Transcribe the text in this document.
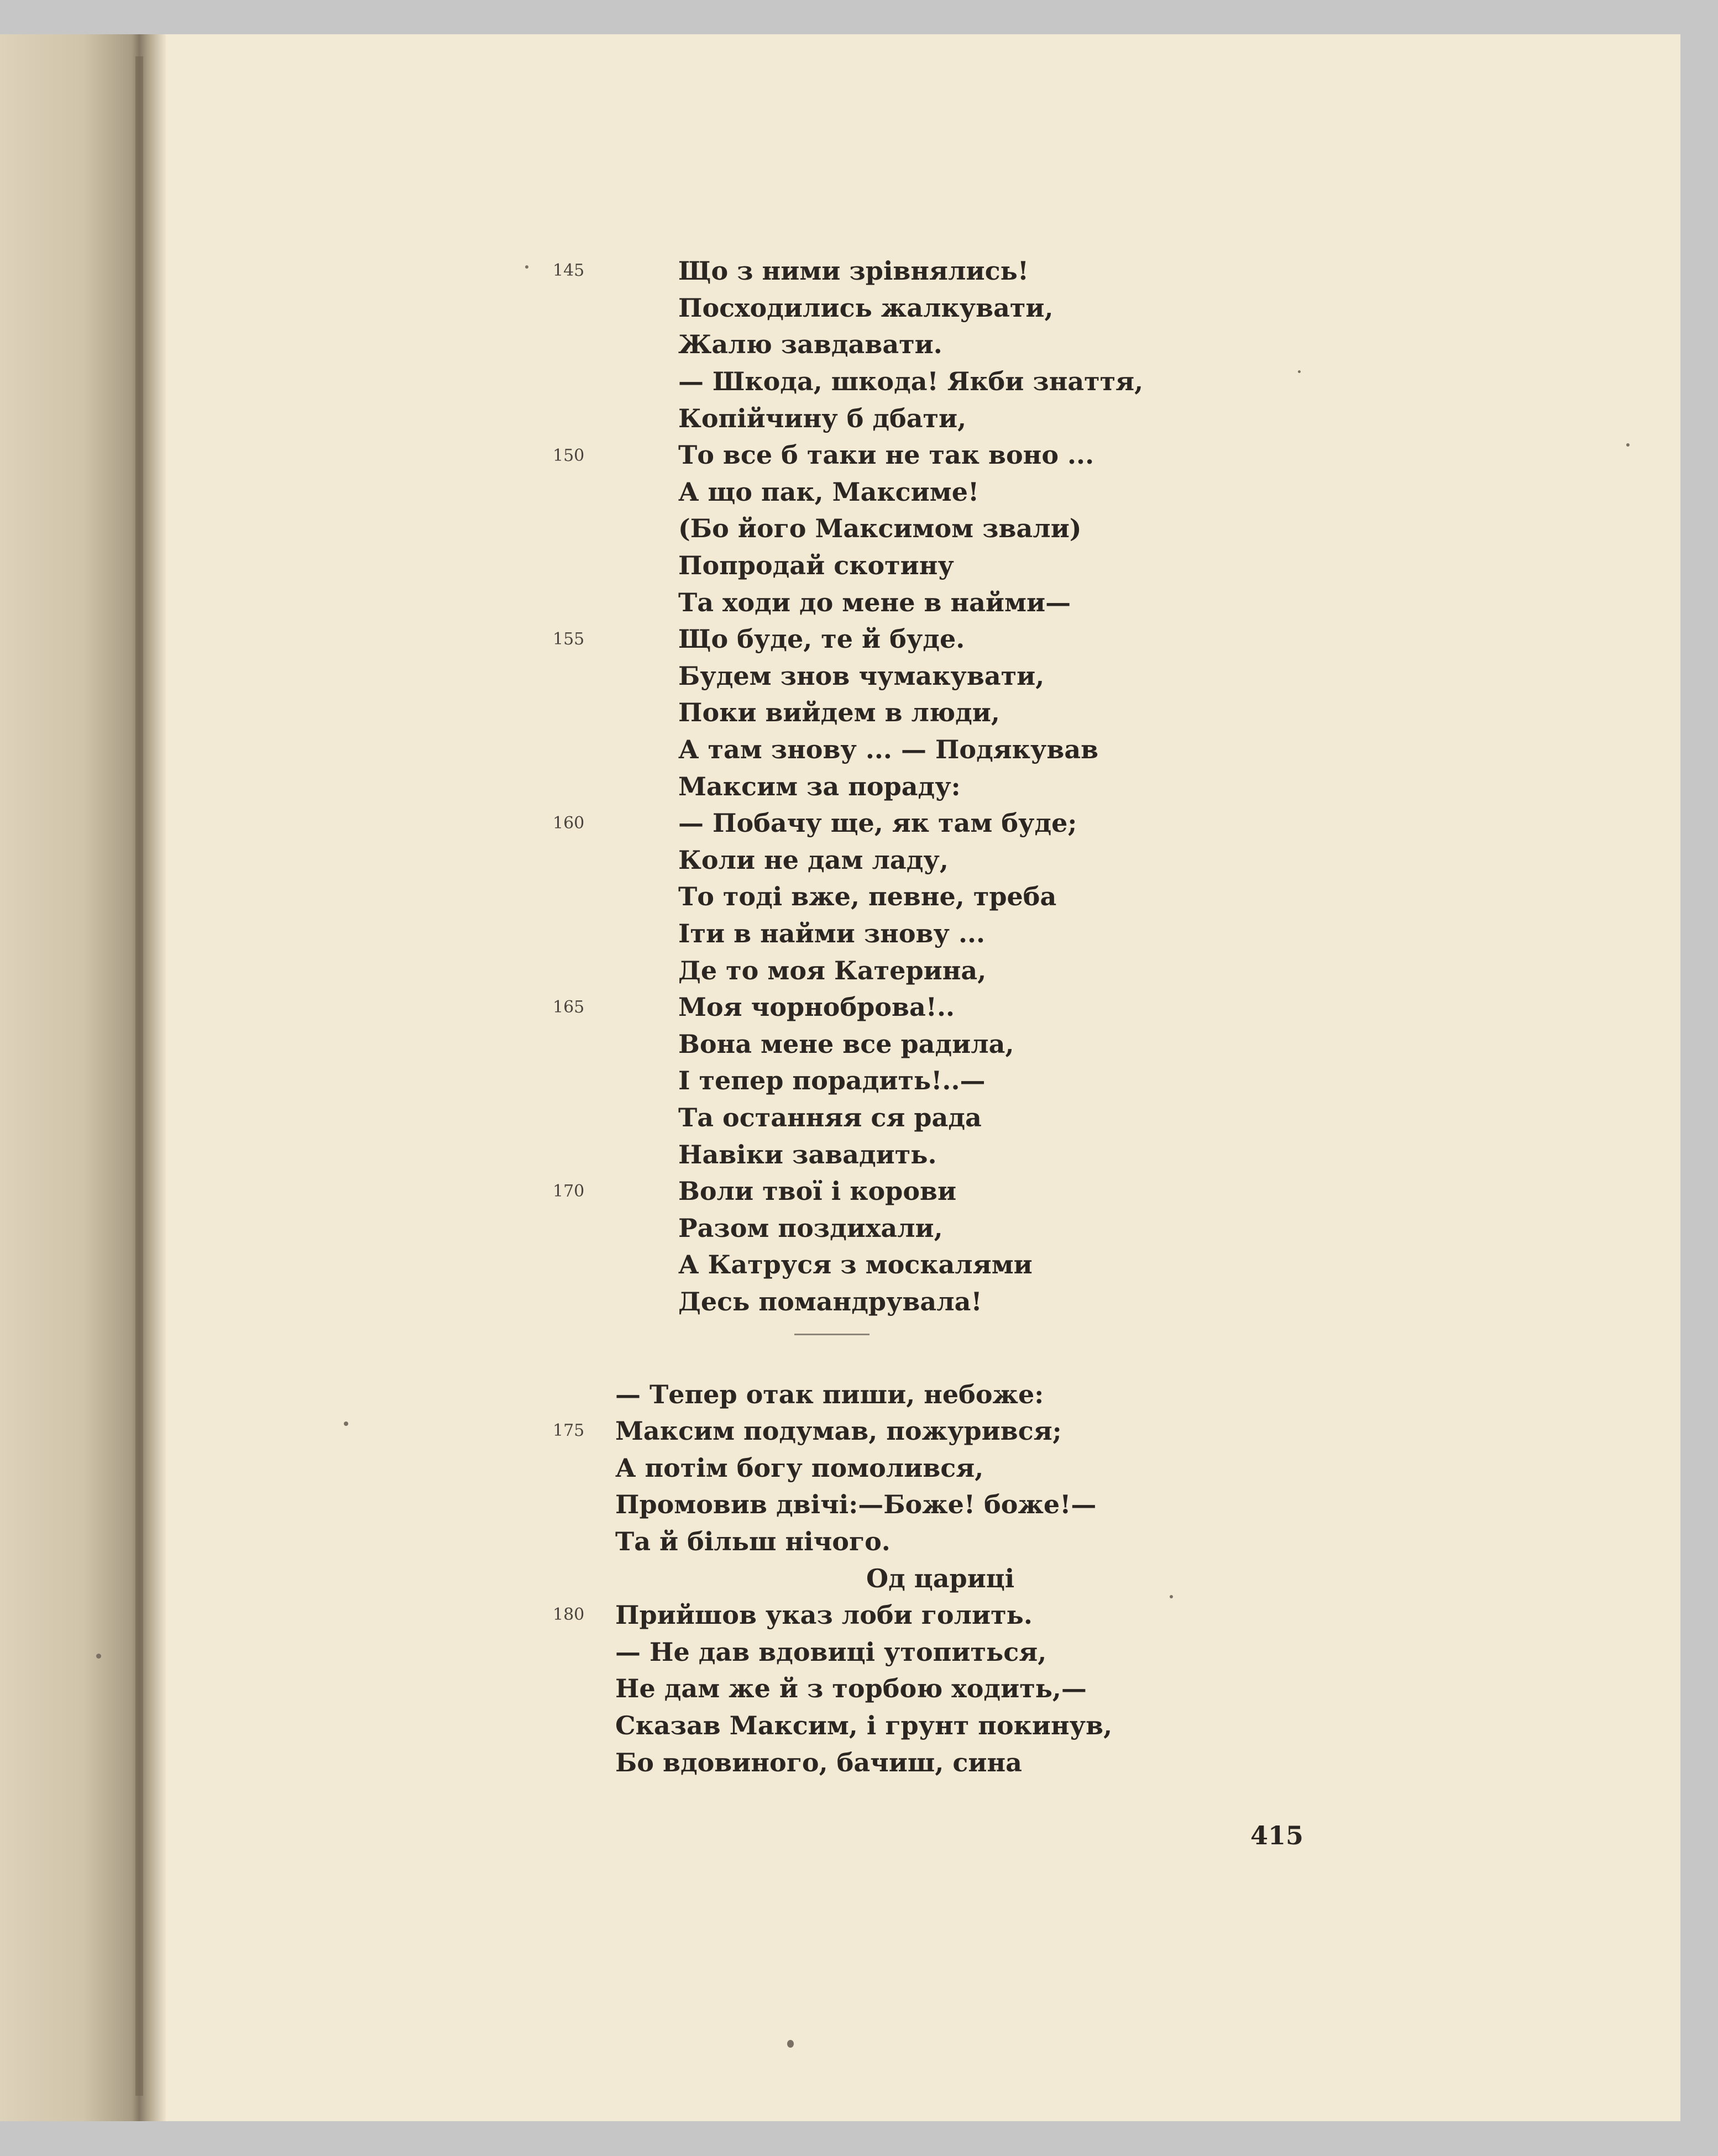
145
150
155
160
165
170
Що з ними зрівнялись!
Посходились жалкувати,
Жалю завдавати.
— Шкода, шкода! Якби знаття,
Копійчину б дбати,
То все б таки не так воно ...
А що пак, Максиме!
(Бо його Максимом звали)
Попродай скотину
Та ходи до мене в найми—
Що буде, те й буде.
Будем знов чумакувати,
Поки вийдем в люди,
А там знову ... — Подякував
Максим за пораду:
— Побачу ще, як там буде;
Коли не дам ладу,
То тоді вже, певне, треба
Іти в найми знову ...
Де то моя Катерина,
Моя чорноброва!..
Вона мене все радила,
І тепер порадить!..—
Та останняя ся рада
Навіки завадить.
Воли твої і корови
Разом поздихали,
А Катруся з москалями
Десь помандрувала!
175
180
— Тепер отак пиши, небоже:
Максим подумав, пожурився;
А потім богу помолився,
Промовив двічі:—Боже! боже!—
Та й більш нічого.
Од цариці
Прийшов указ лоби голить.
— Не дав вдовиці утопиться,
Не дам же й з торбою ходить,—
Сказав Максим, і грунт покинув,
Бо вдовиного, бачиш, сина
415
